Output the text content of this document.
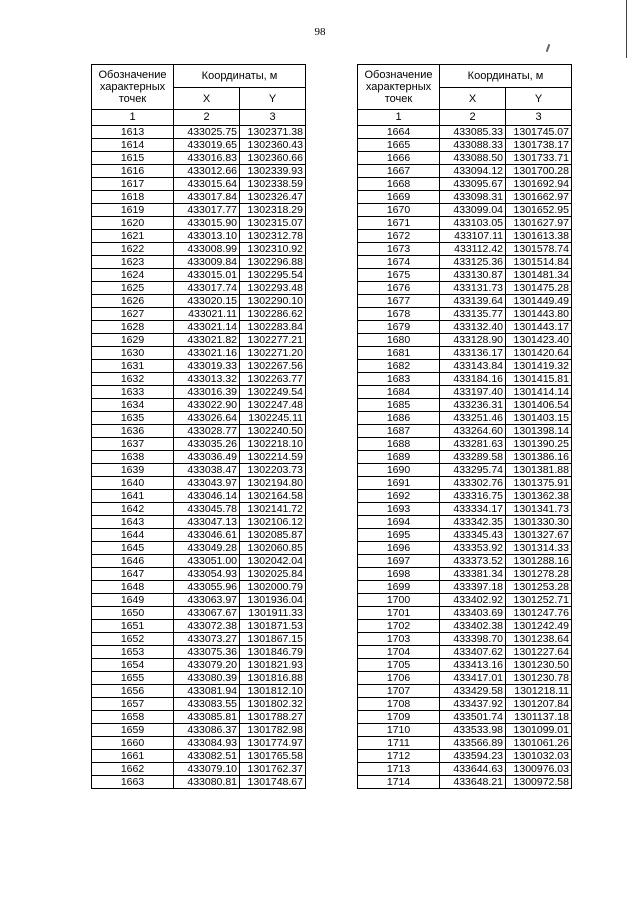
98
Обозначение характерных точек	Координаты, м	
	X	Y
1	2	3
1613	433025.75	1302371.38
1614	433019.65	1302360.43
1615	433016.83	1302360.66
1616	433012.66	1302339.93
1617	433015.64	1302338.59
1618	433017.84	1302326.47
1619	433017.77	1302318.29
1620	433015.90	1302315.07
1621	433013.10	1302312.78
1622	433008.99	1302310.92
1623	433009.84	1302296.88
1624	433015.01	1302295.54
1625	433017.74	1302293.48
1626	433020.15	1302290.10
1627	433021.11	1302286.62
1628	433021.14	1302283.84
1629	433021.82	1302277.21
1630	433021.16	1302271.20
1631	433019.33	1302267.56
1632	433013.32	1302263.77
1633	433016.39	1302249.54
1634	433022.90	1302247.48
1635	433026.64	1302245.11
1636	433028.77	1302240.50
1637	433035.26	1302218.10
1638	433036.49	1302214.59
1639	433038.47	1302203.73
1640	433043.97	1302194.80
1641	433046.14	1302164.58
1642	433045.78	1302141.72
1643	433047.13	1302106.12
1644	433046.61	1302085.87
1645	433049.28	1302060.85
1646	433051.00	1302042.04
1647	433054.93	1302025.84
1648	433055.96	1302000.79
1649	433063.97	1301936.04
1650	433067.67	1301911.33
1651	433072.38	1301871.53
1652	433073.27	1301867.15
1653	433075.36	1301846.79
1654	433079.20	1301821.93
1655	433080.39	1301816.88
1656	433081.94	1301812.10
1657	433083.55	1301802.32
1658	433085.81	1301788.27
1659	433086.37	1301782.98
1660	433084.93	1301774.97
1661	433082.51	1301765.58
1662	433079.10	1301762.37
1663	433080.81	1301748.67
Обозначение характерных точек	Координаты, м	
	X	Y
1	2	3
1664	433085.33	1301745.07
1665	433088.33	1301738.17
1666	433088.50	1301733.71
1667	433094.12	1301700.28
1668	433095.67	1301692.94
1669	433098.31	1301662.97
1670	433099.04	1301652.95
1671	433103.05	1301627.97
1672	433107.11	1301613.38
1673	433112.42	1301578.74
1674	433125.36	1301514.84
1675	433130.87	1301481.34
1676	433131.73	1301475.28
1677	433139.64	1301449.49
1678	433135.77	1301443.80
1679	433132.40	1301443.17
1680	433128.90	1301423.40
1681	433136.17	1301420.64
1682	433143.84	1301419.32
1683	433184.16	1301415.81
1684	433197.40	1301414.14
1685	433236.31	1301406.54
1686	433251.46	1301403.15
1687	433264.60	1301398.14
1688	433281.63	1301390.25
1689	433289.58	1301386.16
1690	433295.74	1301381.88
1691	433302.76	1301375.91
1692	433316.75	1301362.38
1693	433334.17	1301341.73
1694	433342.35	1301330.30
1695	433345.43	1301327.67
1696	433353.92	1301314.33
1697	433373.52	1301288.16
1698	433381.34	1301278.28
1699	433397.18	1301253.28
1700	433402.92	1301252.71
1701	433403.69	1301247.76
1702	433402.38	1301242.49
1703	433398.70	1301238.64
1704	433407.62	1301227.64
1705	433413.16	1301230.50
1706	433417.01	1301230.78
1707	433429.58	1301218.11
1708	433437.92	1301207.84
1709	433501.74	1301137.18
1710	433533.98	1301099.01
1711	433566.89	1301061.26
1712	433594.23	1301032.03
1713	433644.63	1300976.03
1714	433648.21	1300972.58
